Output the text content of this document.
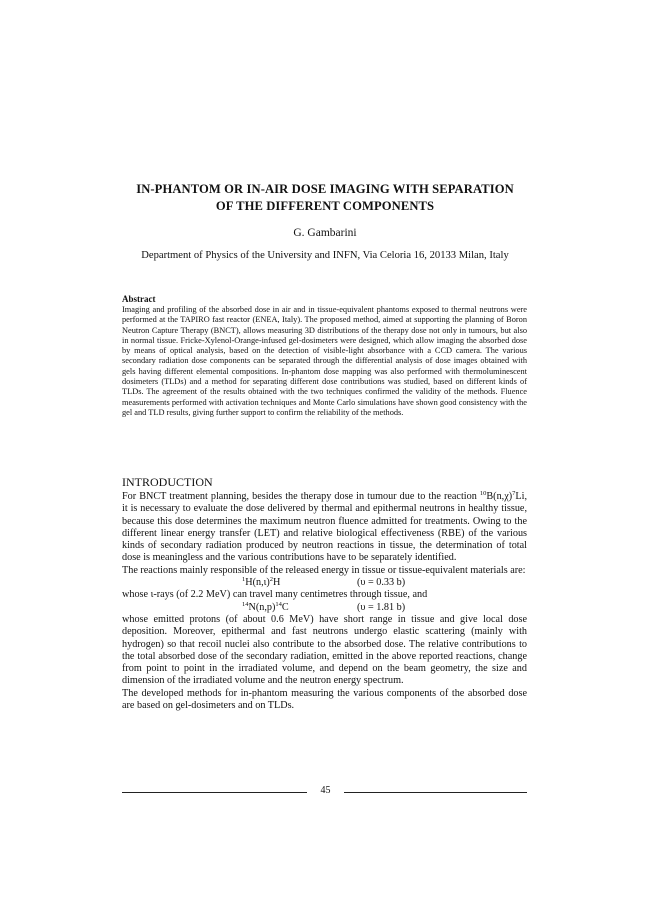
IN-PHANTOM OR IN-AIR DOSE IMAGING WITH SEPARATION
OF THE DIFFERENT COMPONENTS
G. Gambarini
Department of Physics of the University and INFN, Via Celoria 16, 20133 Milan, Italy
Abstract

Imaging and profiling of the absorbed dose in air and in tissue-equivalent phantoms exposed to thermal neutrons were performed at the TAPIRO fast reactor (ENEA, Italy). The proposed method, aimed at supporting the planning of Boron Neutron Capture Therapy (BNCT), allows measuring 3D distributions of the therapy dose not only in tumours, but also in normal tissue. Fricke-Xylenol-Orange-infused gel-dosimeters were designed, which allow imaging the absorbed dose by means of optical analysis, based on the detection of visible-light absorbance with a CCD camera. The various secondary radiation dose components can be separated through the differential analysis of dose images obtained with gels having different elemental compositions. In-phantom dose mapping was also performed with thermoluminescent dosimeters (TLDs) and a method for separating different dose contributions was studied, based on different kinds of TLDs. The agreement of the results obtained with the two techniques confirmed the validity of the methods. Fluence measurements performed with activation techniques and Monte Carlo simulations have shown good consistency with the gel and TLD results, giving further support to confirm the reliability of the methods.

INTRODUCTION

For BNCT treatment planning, besides the therapy dose in tumour due to the reaction $^{10}B(n,\chi)^7Li$, it is necessary to evaluate the dose delivered by thermal and epithermal neutrons in healthy tissue, because this dose determines the maximum neutron fluence admitted for treatments. Owing to the different linear energy transfer (LET) and relative biological effectiveness (RBE) of the various kinds of secondary radiation produced by neutron reactions in tissue, the determination of total dose is meaningless and the various contributions have to be separately identified.

The reactions mainly responsible of the released energy in tissue or tissue-equivalent materials are:

$^1H(n,\iota)^2H$	(υ = 0.33 b)

whose ι-rays (of 2.2 MeV) can travel many centimetres through tissue, and

$^{14}N(n,p)^{14}C$	(υ = 1.81 b)

whose emitted protons (of about 0.6 MeV) have short range in tissue and give local dose deposition. Moreover, epithermal and fast neutrons undergo elastic scattering (mainly with hydrogen) so that recoil nuclei also contribute to the absorbed dose. The relative contributions to the total absorbed dose of the secondary radiation, emitted in the above reported reactions, change from point to point in the irradiated volume, and depend on the beam geometry, the size and dimension of the irradiated volume and the neutron energy spectrum.

The developed methods for in-phantom measuring the various components of the absorbed dose are based on gel-dosimeters and on TLDs.

45
